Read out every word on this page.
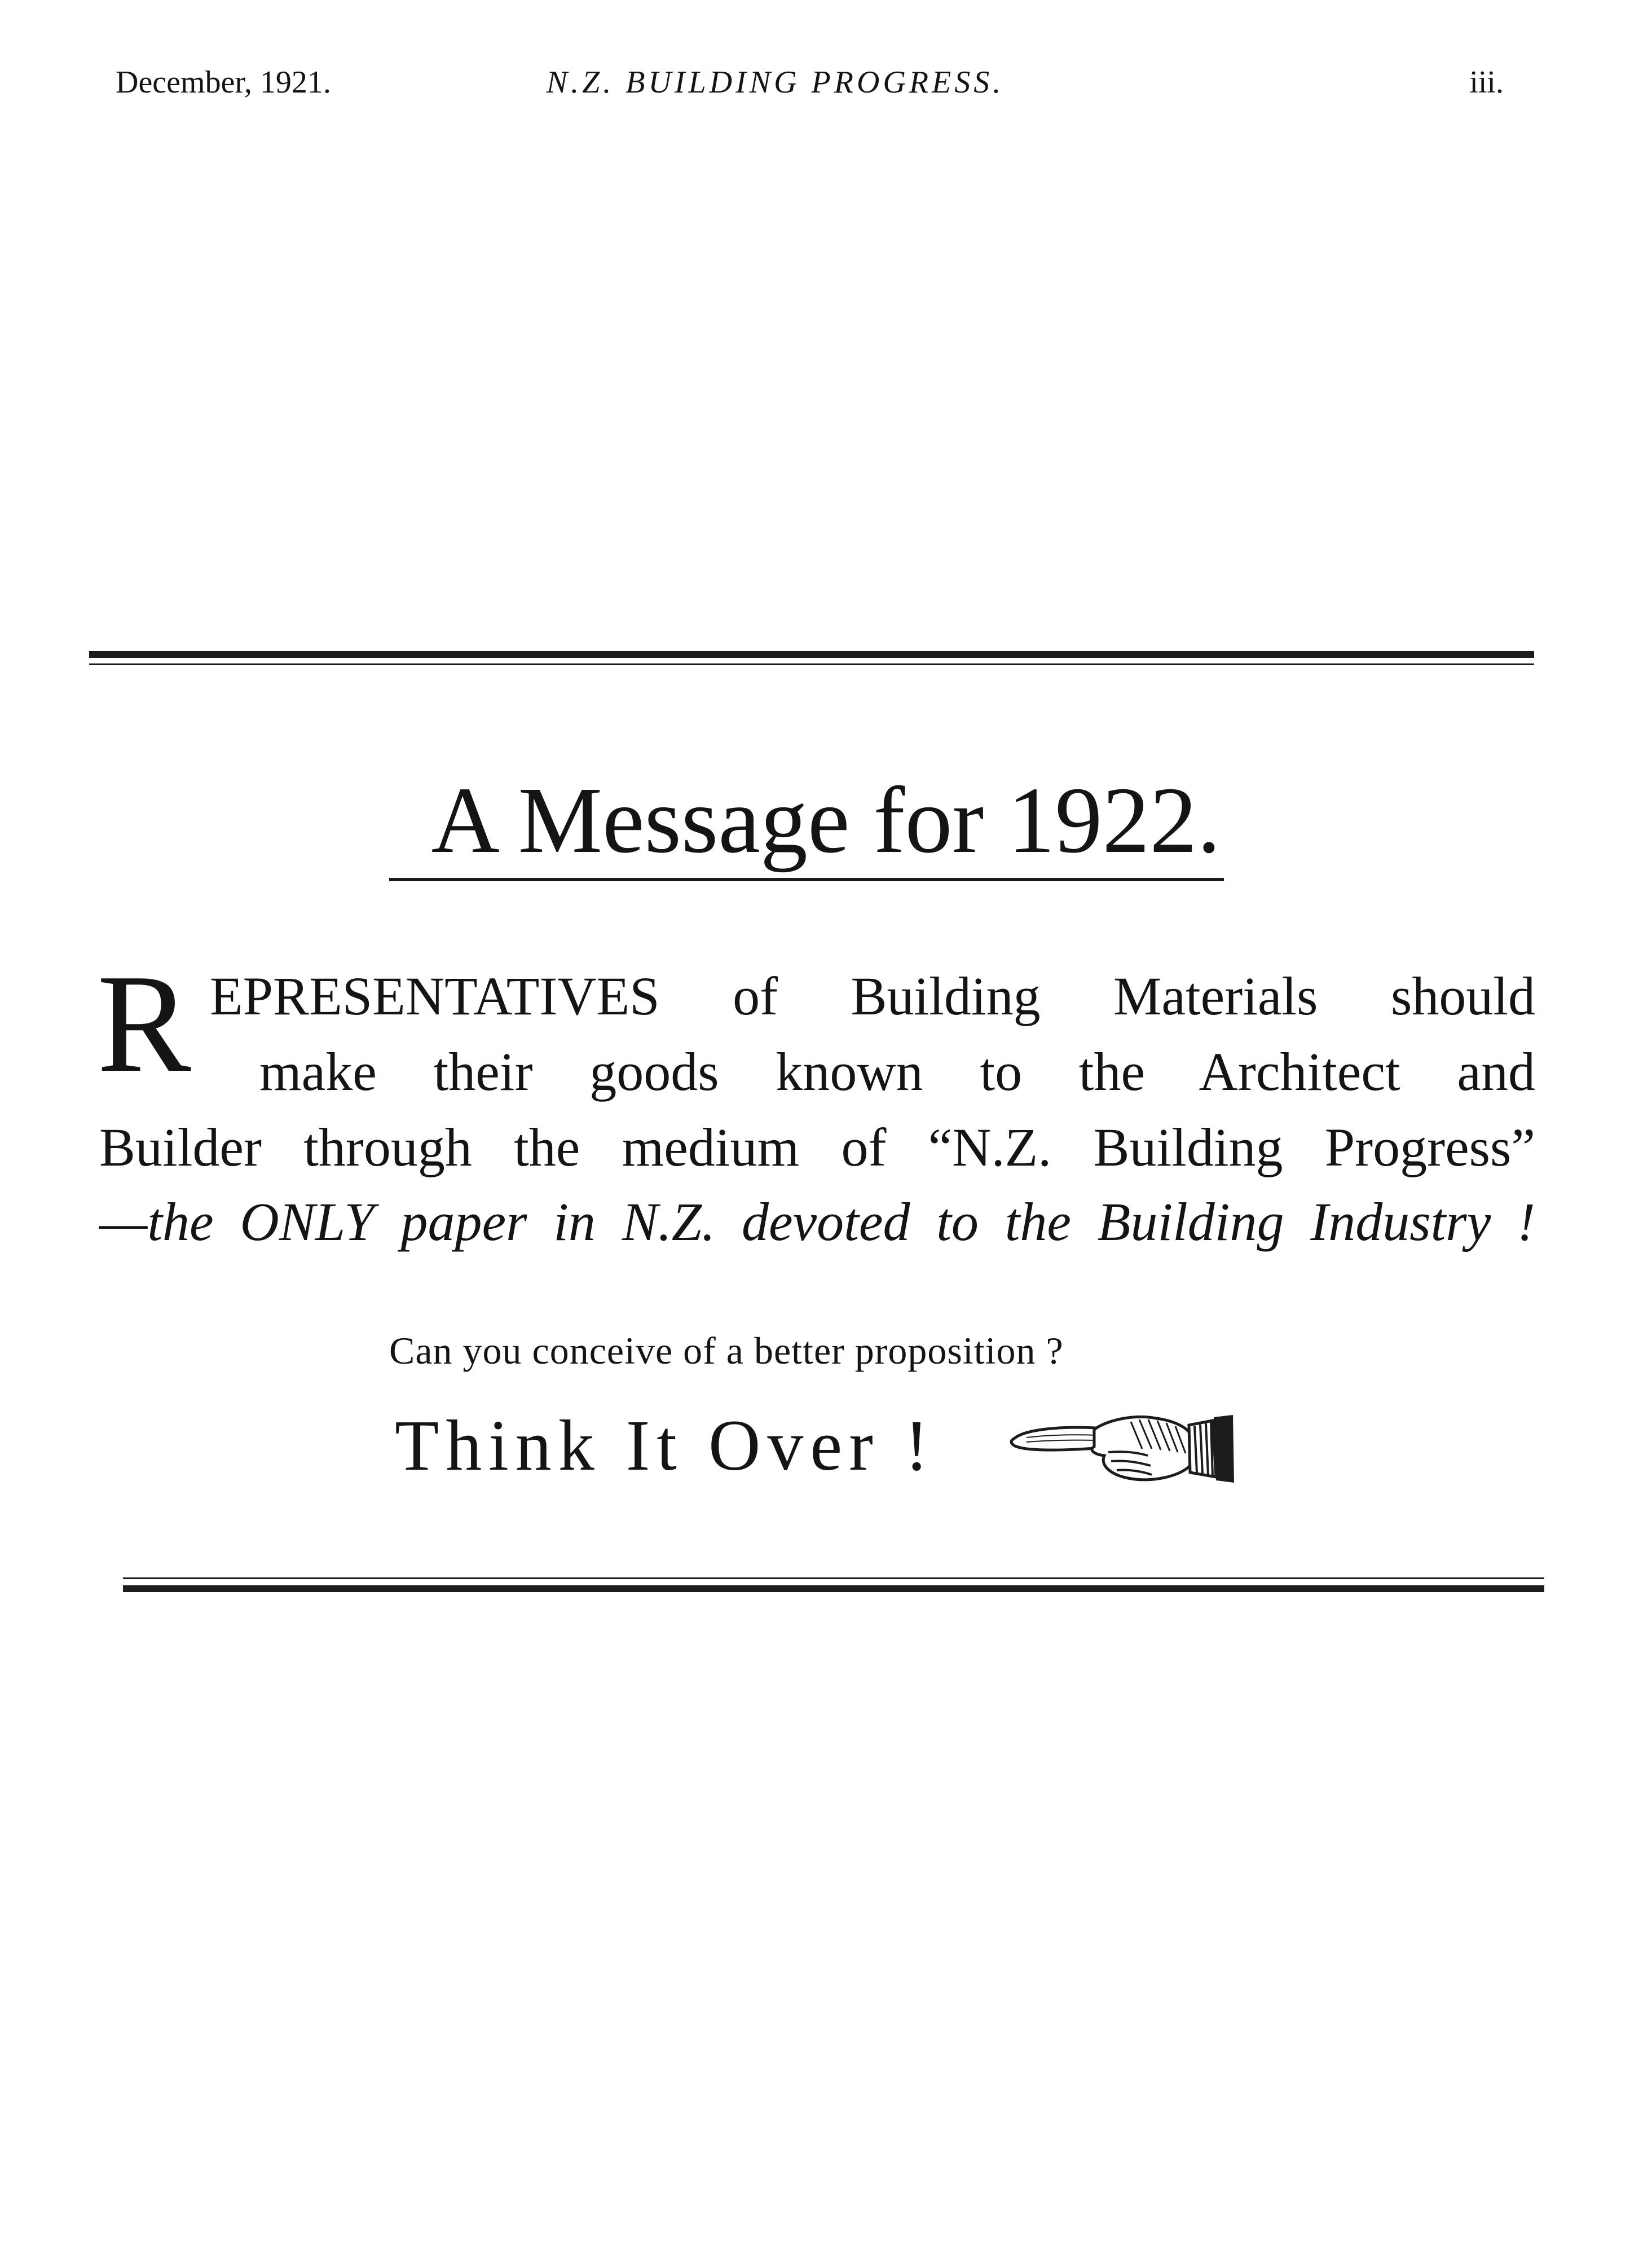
December, 1921.	N.Z. BUILDING PROGRESS.	iii.
A Message for 1922.
R EPRESENTATIVES of Building Materials should
make their goods known to the Architect and
Builder through the medium of “N.Z. Building Progress”
—the ONLY paper in N.Z. devoted to the Building Industry !
Can you conceive of a better proposition ?
Think It Over !
